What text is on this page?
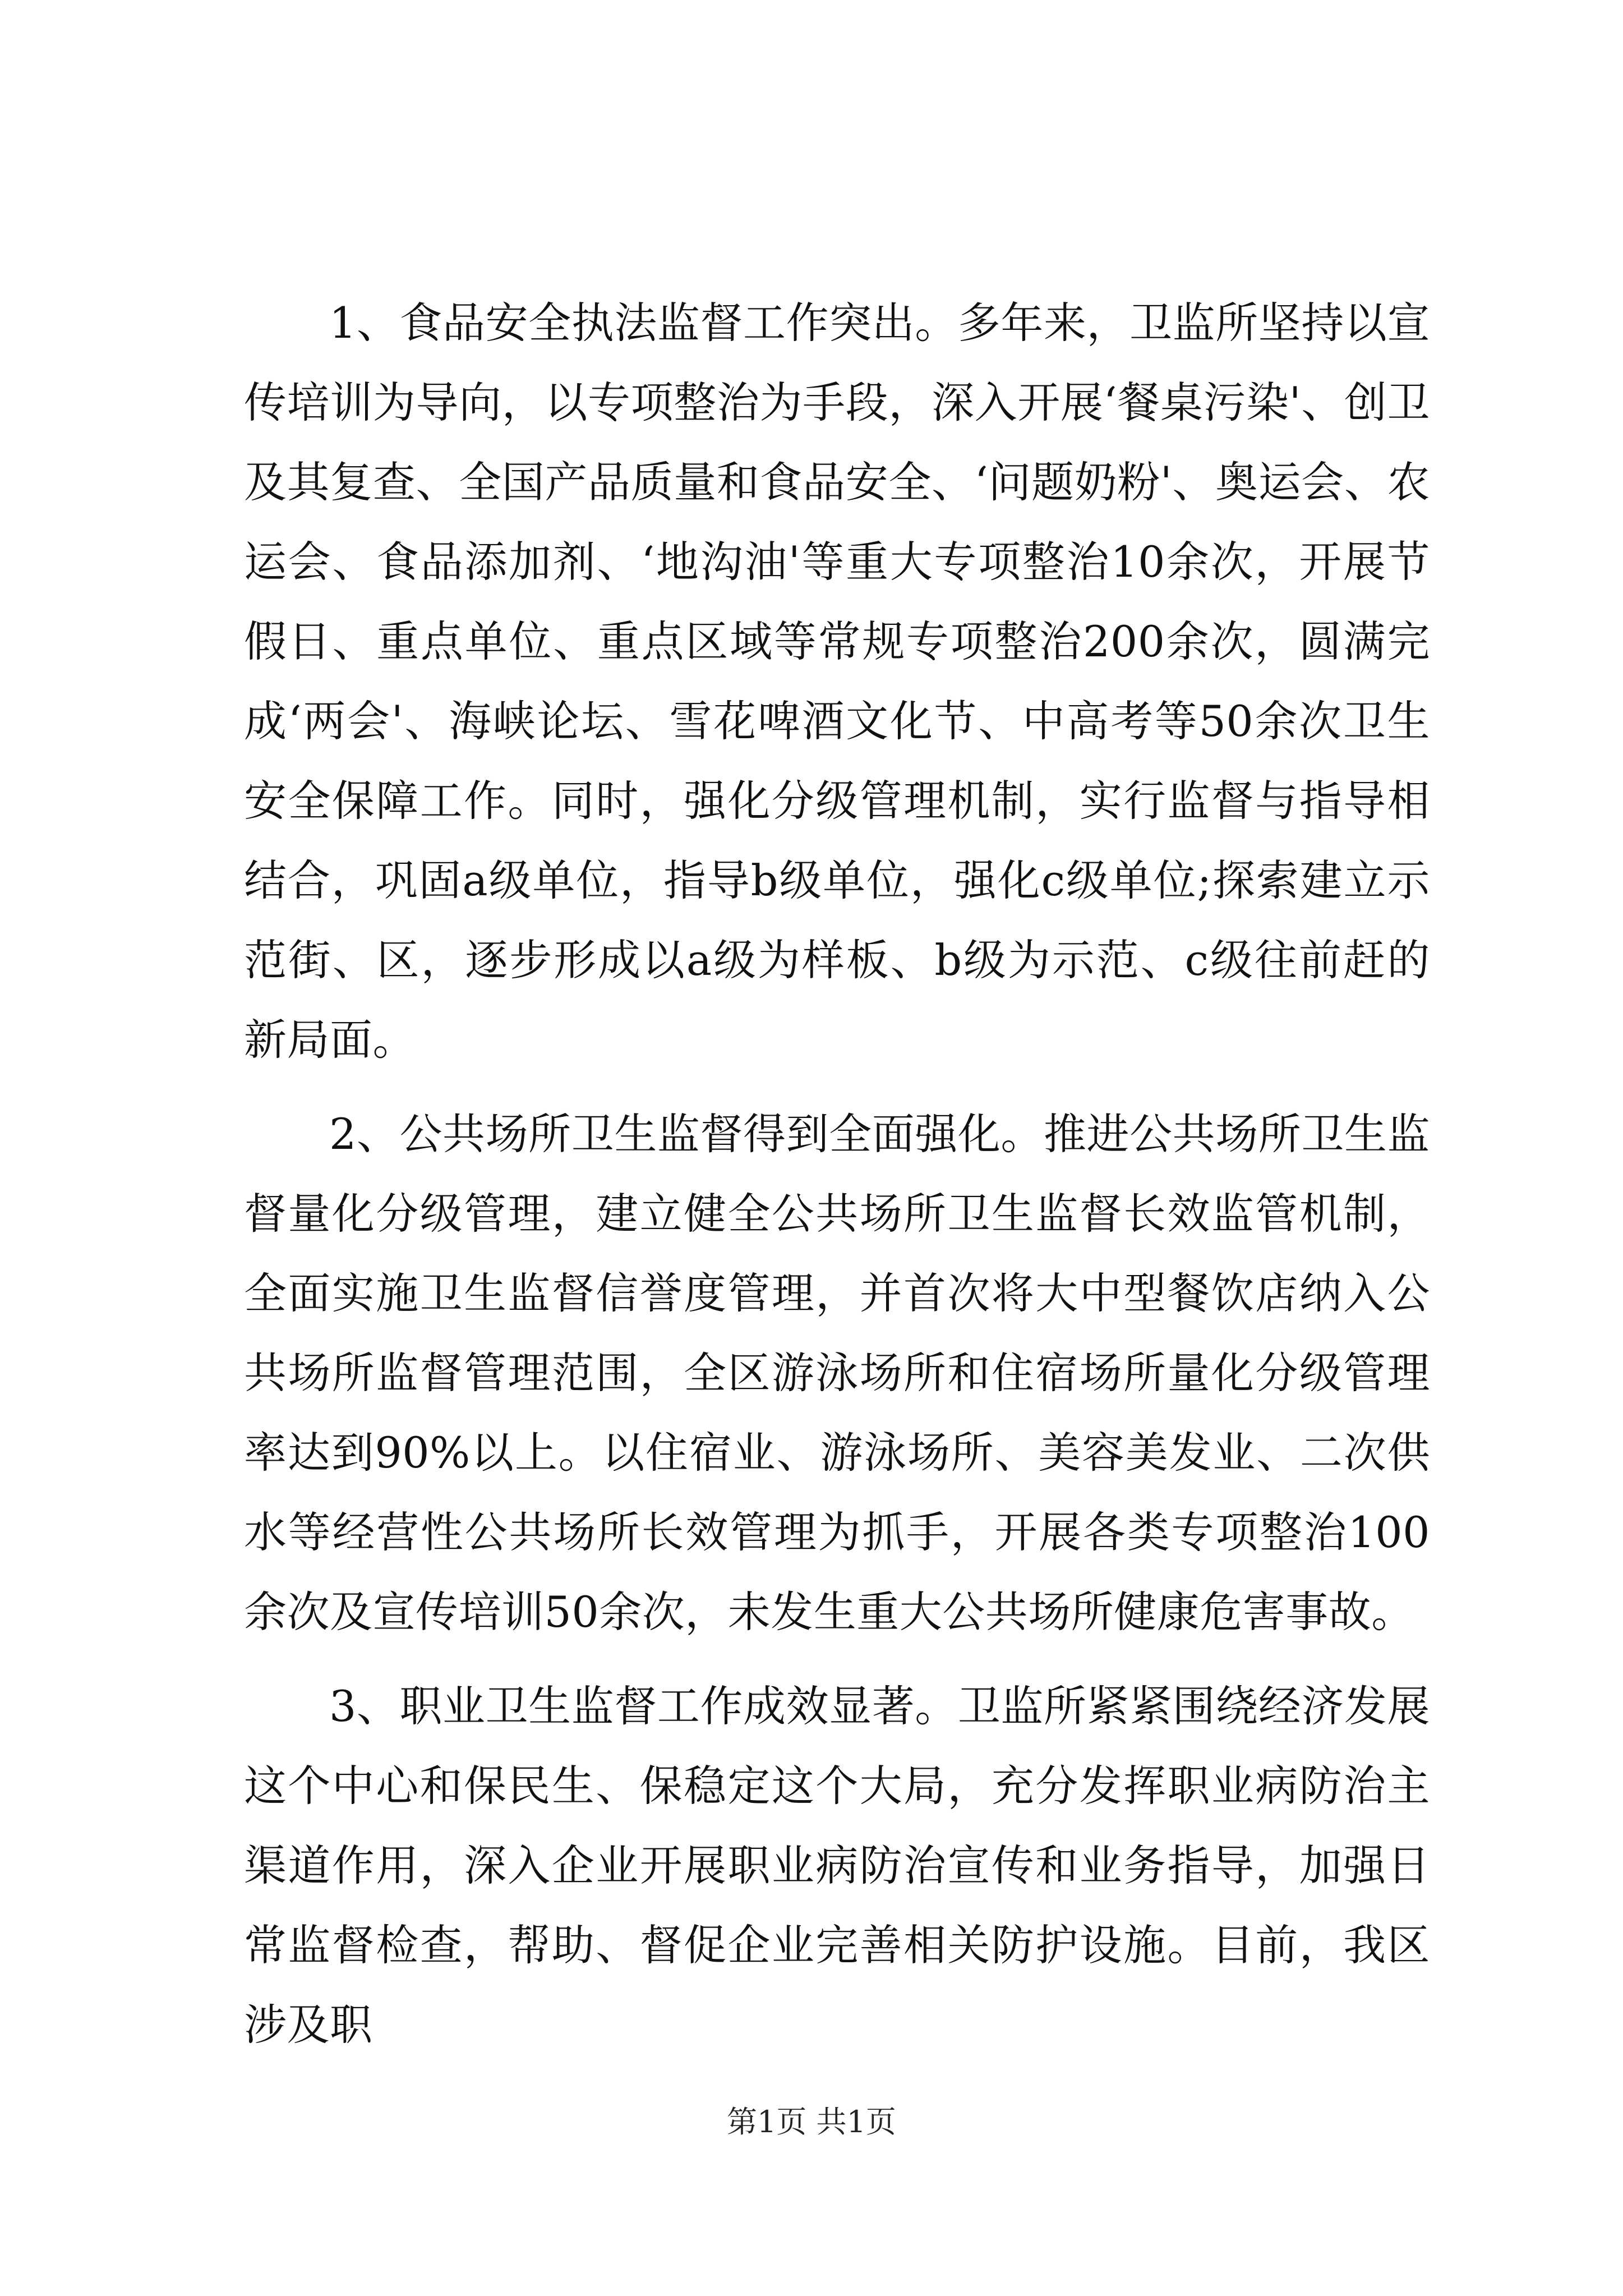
1、食品安全执法监督工作突出。多年来，卫监所坚持以宣传培训为导向，以专项整治为手段，深入开展‘餐桌污染'、创卫及其复查、全国产品质量和食品安全、‘问题奶粉'、奥运会、农运会、食品添加剂、‘地沟油'等重大专项整治10余次，开展节假日、重点单位、重点区域等常规专项整治200余次，圆满完成‘两会'、海峡论坛、雪花啤酒文化节、中高考等50余次卫生安全保障工作。同时，强化分级管理机制，实行监督与指导相结合，巩固a级单位，指导b级单位，强化c级单位;探索建立示范街、区，逐步形成以a级为样板、b级为示范、c级往前赶的新局面。

2、公共场所卫生监督得到全面强化。推进公共场所卫生监督量化分级管理，建立健全公共场所卫生监督长效监管机制，全面实施卫生监督信誉度管理，并首次将大中型餐饮店纳入公共场所监督管理范围，全区游泳场所和住宿场所量化分级管理率达到90%以上。以住宿业、游泳场所、美容美发业、二次供水等经营性公共场所长效管理为抓手，开展各类专项整治100余次及宣传培训50余次，未发生重大公共场所健康危害事故。

3、职业卫生监督工作成效显著。卫监所紧紧围绕经济发展这个中心和保民生、保稳定这个大局，充分发挥职业病防治主渠道作用，深入企业开展职业病防治宣传和业务指导，加强日常监督检查，帮助、督促企业完善相关防护设施。目前，我区涉及职

第1页 共1页
